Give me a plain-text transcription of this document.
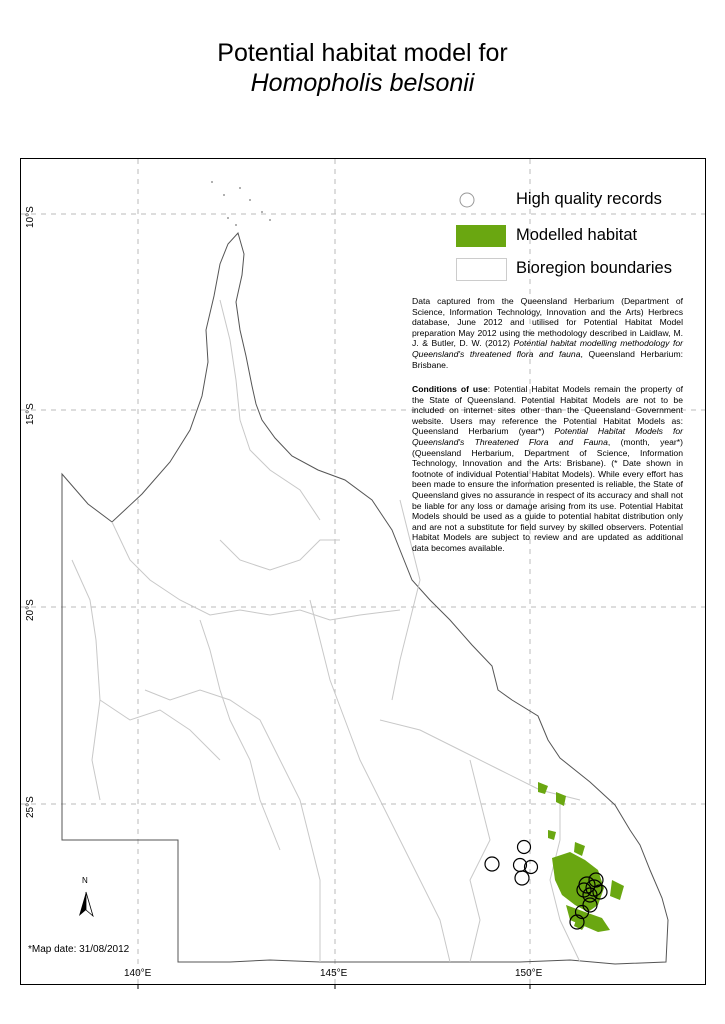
Potential habitat model for
Homopholis belsonii
High quality records
Modelled habitat
Bioregion boundaries
Data captured from the Queensland Herbarium (Department of Science, Information Technology, Innovation and the Arts) Herbrecs database, June 2012 and utilised for Potential Habitat Model preparation May 2012 using the methodology described in Laidlaw, M. J. & Butler, D. W. (2012) Potential habitat modelling methodology for Queensland's threatened flora and fauna, Queensland Herbarium: Brisbane.
Conditions of use: Potential Habitat Models remain the property of the State of Queensland. Potential Habitat Models are not to be included on internet sites other than the Queensland Government website. Users may reference the Potential Habitat Models as: Queensland Herbarium (year*) Potential Habitat Models for Queensland's Threatened Flora and Fauna, (month, year*) (Queensland Herbarium, Department of Science, Information Technology, Innovation and the Arts: Brisbane). (* Date shown in footnote of individual Potential Habitat Models). While every effort has been made to ensure the information presented is reliable, the State of Queensland gives no assurance in respect of its accuracy and shall not be liable for any loss or damage arising from its use. Potential Habitat Models should be used as a guide to potential habitat distribution only and are not a substitute for field survey by skilled observers. Potential Habitat Models are subject to review and are updated as additional data becomes available.
10°S
15°S
20°S
25°S
140°E	145°E	150°E
N
*Map date: 31/08/2012
